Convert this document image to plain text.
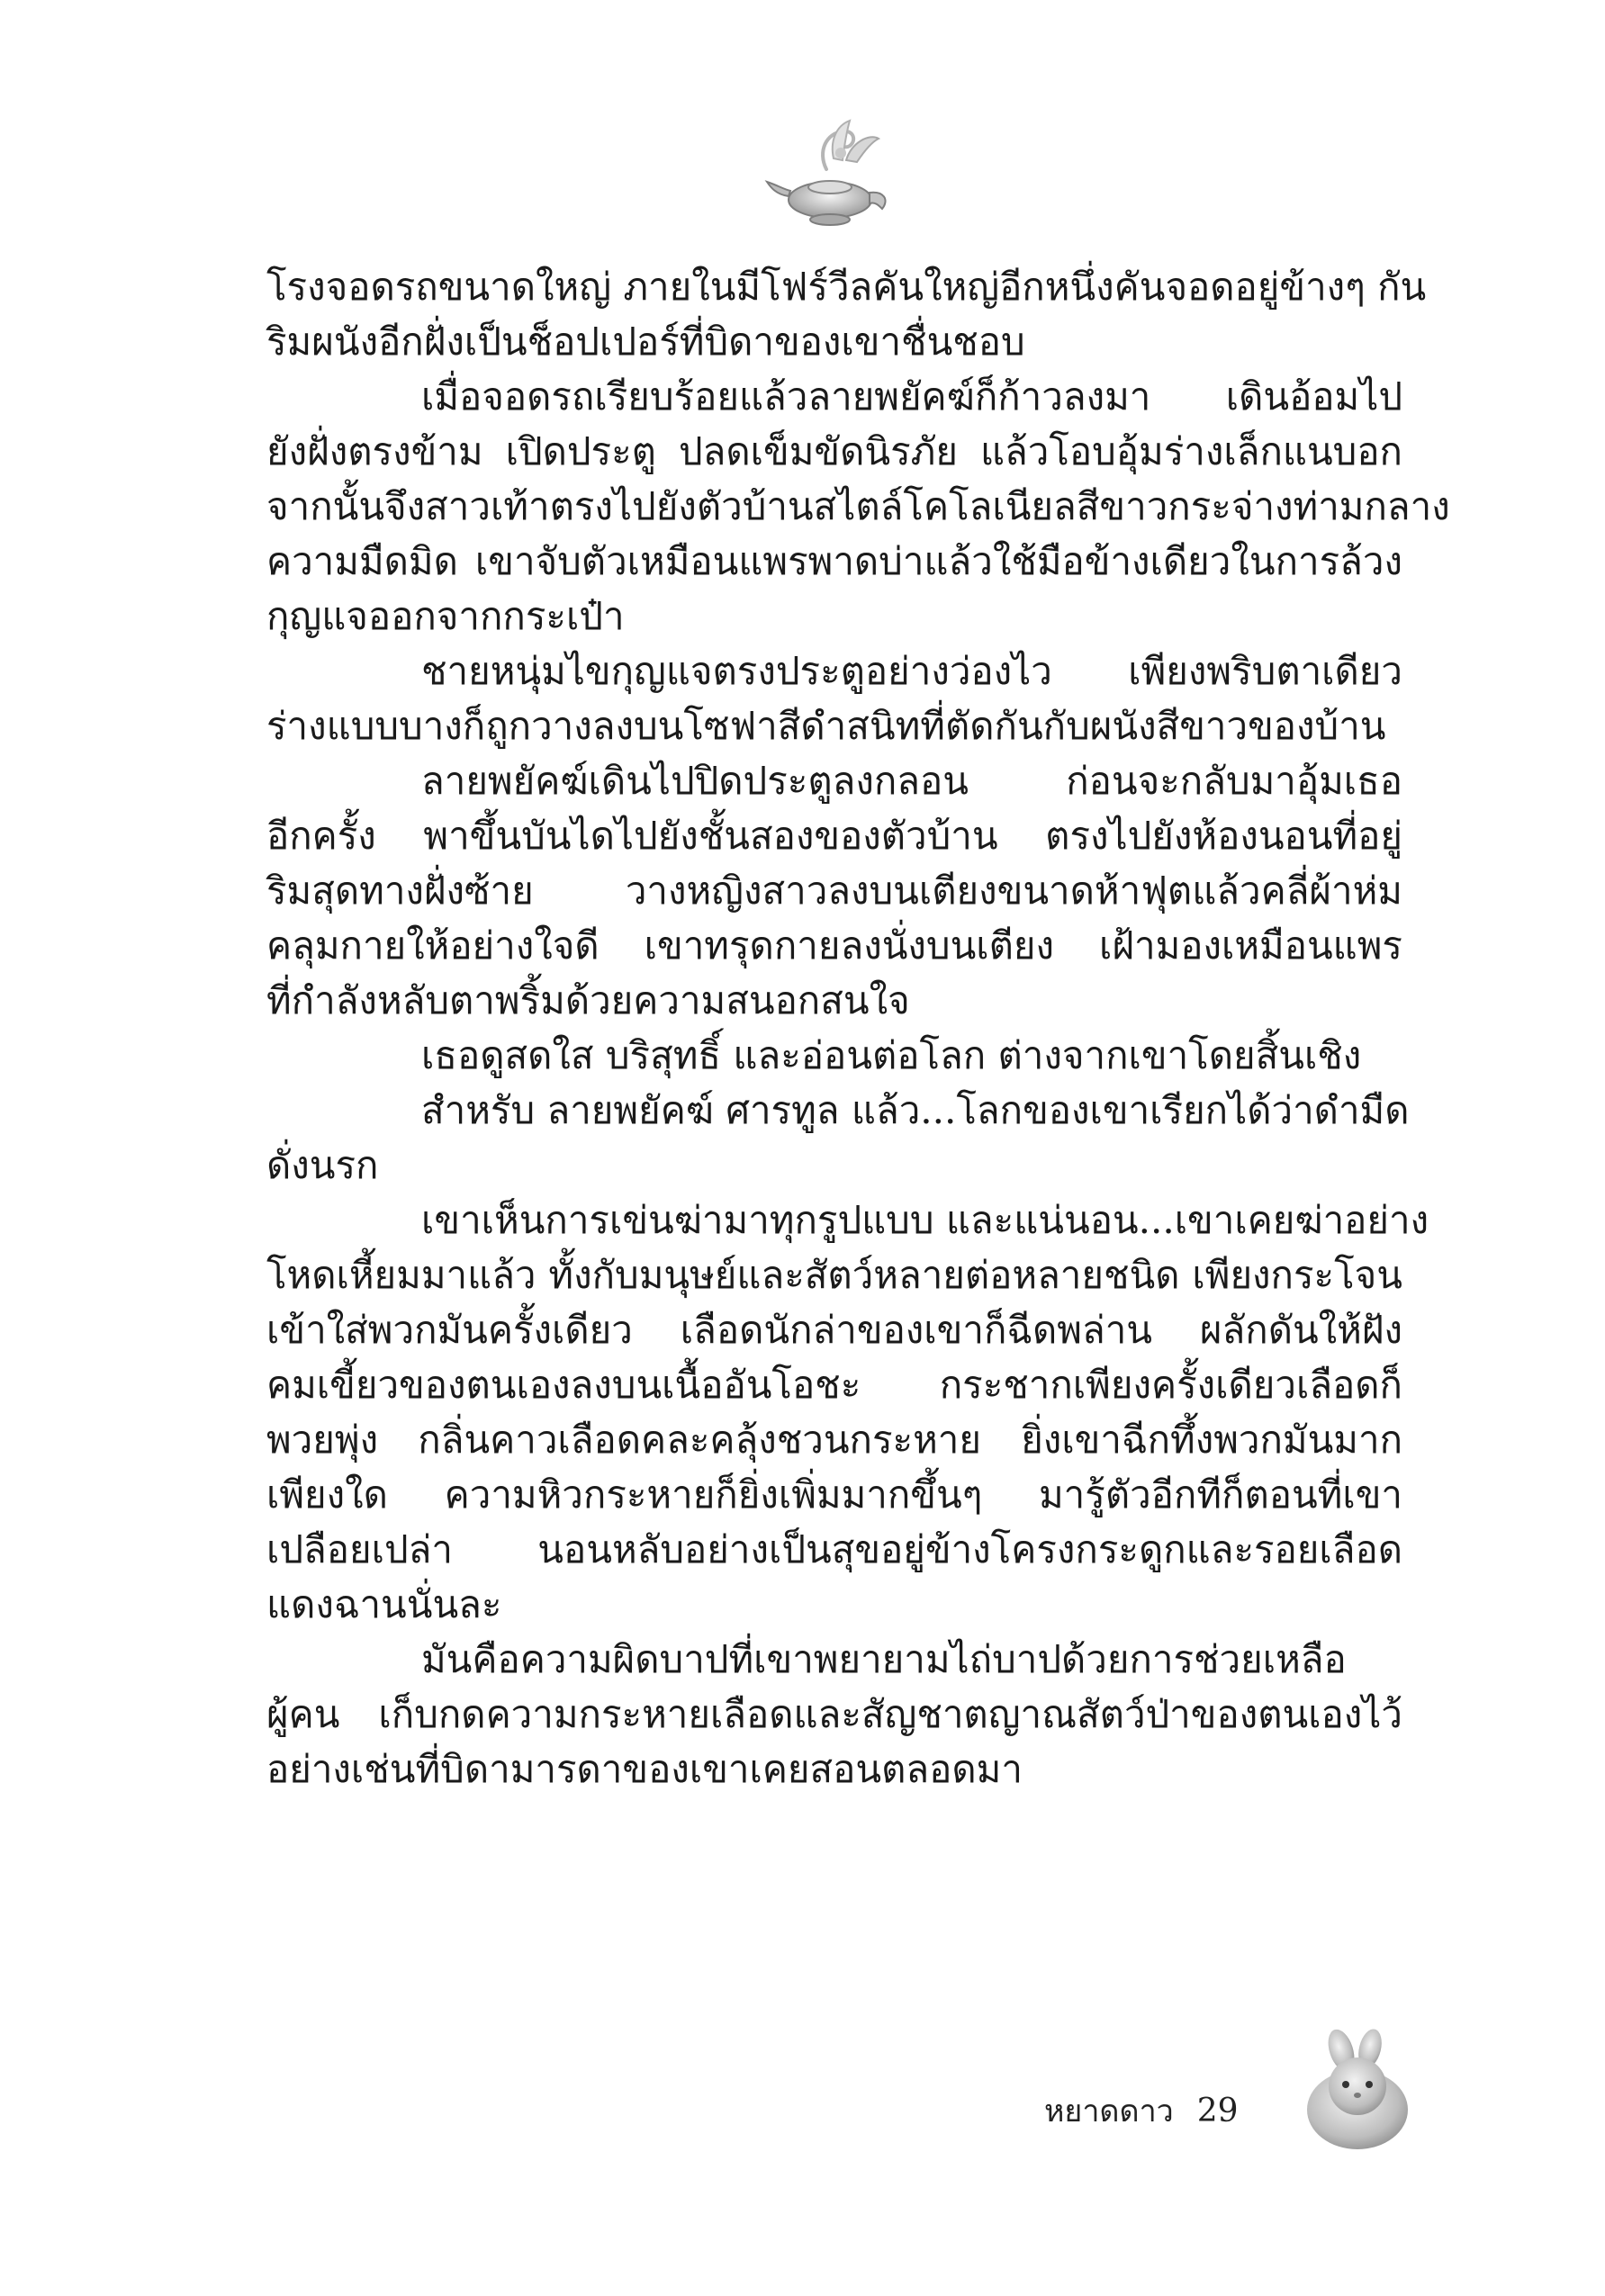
โรงจอดรถขนาดใหญ่ ภายในมีโฟร์วีลคันใหญ่อีกหนึ่งคันจอดอยู่ข้างๆ กัน
ริมผนังอีกฝั่งเป็นช็อปเปอร์ที่บิดาของเขาชื่นชอบ
เมื่อจอดรถเรียบร้อยแล้วลายพยัคฆ์ก็ก้าวลงมา เดินอ้อมไป
ยังฝั่งตรงข้าม เปิดประตู ปลดเข็มขัดนิรภัย แล้วโอบอุ้มร่างเล็กแนบอก
จากนั้นจึงสาวเท้าตรงไปยังตัวบ้านสไตล์โคโลเนียลสีขาวกระจ่างท่ามกลาง
ความมืดมิด เขาจับตัวเหมือนแพรพาดบ่าแล้วใช้มือข้างเดียวในการล้วง
กุญแจออกจากกระเป๋า
ชายหนุ่มไขกุญแจตรงประตูอย่างว่องไว เพียงพริบตาเดียว
ร่างแบบบางก็ถูกวางลงบนโซฟาสีดำสนิทที่ตัดกันกับผนังสีขาวของบ้าน
ลายพยัคฆ์เดินไปปิดประตูลงกลอน ก่อนจะกลับมาอุ้มเธอ
อีกครั้ง พาขึ้นบันไดไปยังชั้นสองของตัวบ้าน ตรงไปยังห้องนอนที่อยู่
ริมสุดทางฝั่งซ้าย วางหญิงสาวลงบนเตียงขนาดห้าฟุตแล้วคลี่ผ้าห่ม
คลุมกายให้อย่างใจดี เขาทรุดกายลงนั่งบนเตียง เฝ้ามองเหมือนแพร
ที่กำลังหลับตาพริ้มด้วยความสนอกสนใจ
เธอดูสดใส บริสุทธิ์ และอ่อนต่อโลก ต่างจากเขาโดยสิ้นเชิง
สำหรับ ลายพยัคฆ์ ศารทูล แล้ว...โลกของเขาเรียกได้ว่าดำมืด
ดั่งนรก
เขาเห็นการเข่นฆ่ามาทุกรูปแบบ และแน่นอน...เขาเคยฆ่าอย่าง
โหดเหี้ยมมาแล้ว ทั้งกับมนุษย์และสัตว์หลายต่อหลายชนิด เพียงกระโจน
เข้าใส่พวกมันครั้งเดียว เลือดนักล่าของเขาก็ฉีดพล่าน ผลักดันให้ฝัง
คมเขี้ยวของตนเองลงบนเนื้ออันโอชะ กระชากเพียงครั้งเดียวเลือดก็
พวยพุ่ง กลิ่นคาวเลือดคละคลุ้งชวนกระหาย ยิ่งเขาฉีกทึ้งพวกมันมาก
เพียงใด ความหิวกระหายก็ยิ่งเพิ่มมากขึ้นๆ มารู้ตัวอีกทีก็ตอนที่เขา
เปลือยเปล่า นอนหลับอย่างเป็นสุขอยู่ข้างโครงกระดูกและรอยเลือด
แดงฉานนั่นละ
มันคือความผิดบาปที่เขาพยายามไถ่บาปด้วยการช่วยเหลือ
ผู้คน เก็บกดความกระหายเลือดและสัญชาตญาณสัตว์ป่าของตนเองไว้
อย่างเช่นที่บิดามารดาของเขาเคยสอนตลอดมา
หยาดดาว 29
